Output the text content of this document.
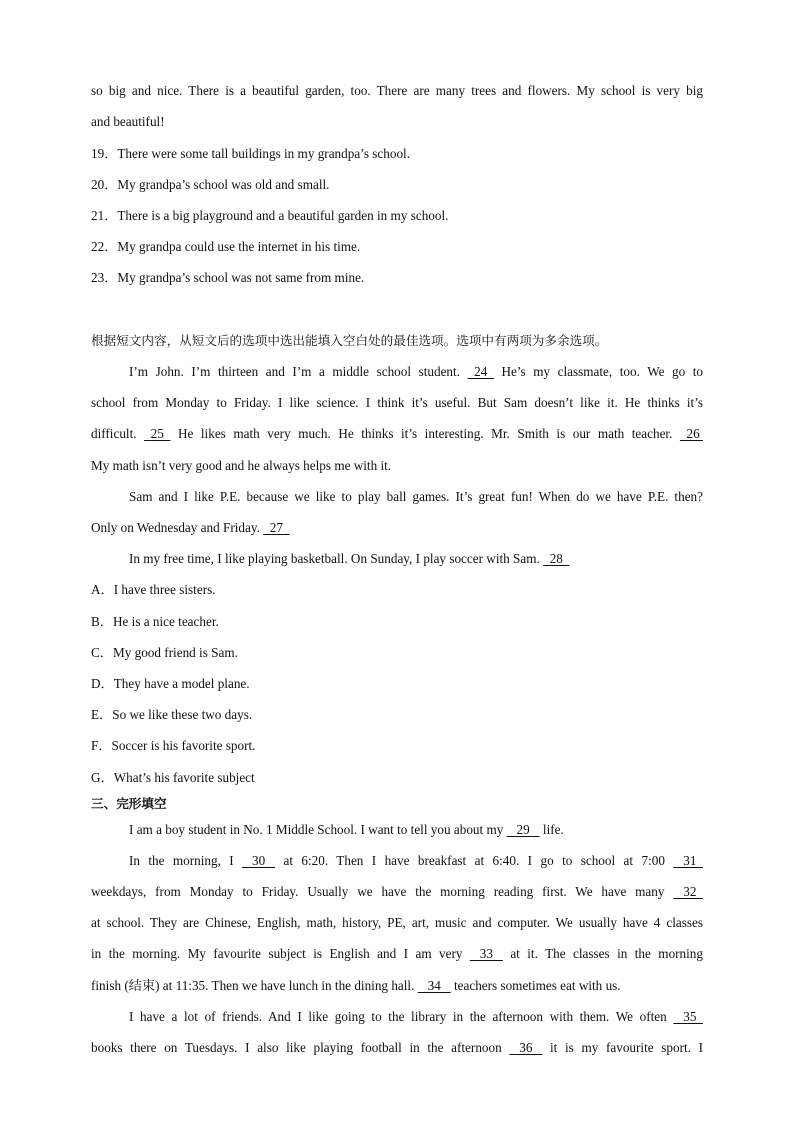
so big and nice. There is a beautiful garden, too. There are many trees and flowers. My school is very big
and beautiful!
19．There were some tall buildings in my grandpa’s school.
20．My grandpa’s school was old and small.
21．There is a big playground and a beautiful garden in my school.
22．My grandpa could use the internet in his time.
23．My grandpa’s school was not same from mine.
根据短文内容，从短文后的选项中选出能填入空白处的最佳选项。选项中有两项为多余选项。
I’m John. I’m thirteen and I’m a middle school student.   24   He’s my classmate, too. We go to
school from Monday to Friday. I like science. I think it’s useful. But Sam doesn’t like it. He thinks it’s
difficult.   25   He likes math very much. He thinks it’s interesting. Mr. Smith is our math teacher.   26
My math isn’t very good and he always helps me with it.
Sam and I like P.E. because we like to play ball games. It’s great fun! When do we have P.E. then?
Only on Wednesday and Friday.   27
In my free time, I like playing basketball. On Sunday, I play soccer with Sam.   28
A．I have three sisters.
B．He is a nice teacher.
C．My good friend is Sam.
D．They have a model plane.
E．So we like these two days.
F．Soccer is his favorite sport.
G．What’s his favorite subject
三、完形填空
I am a boy student in No. 1 Middle School. I want to tell you about my    29    life.
In the morning, I    30    at 6:20. Then I have breakfast at 6:40. I go to school at 7:00    31
weekdays, from Monday to Friday. Usually we have the morning reading first. We have many    32
at school. They are Chinese, English, math, history, PE, art, music and computer. We usually have 4 classes
in the morning. My favourite subject is English and I am very    33    at it. The classes in the morning
finish (结束) at 11:35. Then we have lunch in the dining hall.    34    teachers sometimes eat with us.
I have a lot of friends. And I like going to the library in the afternoon with them. We often    35
books there on Tuesdays. I also like playing football in the afternoon    36    it is my favourite sport. I
